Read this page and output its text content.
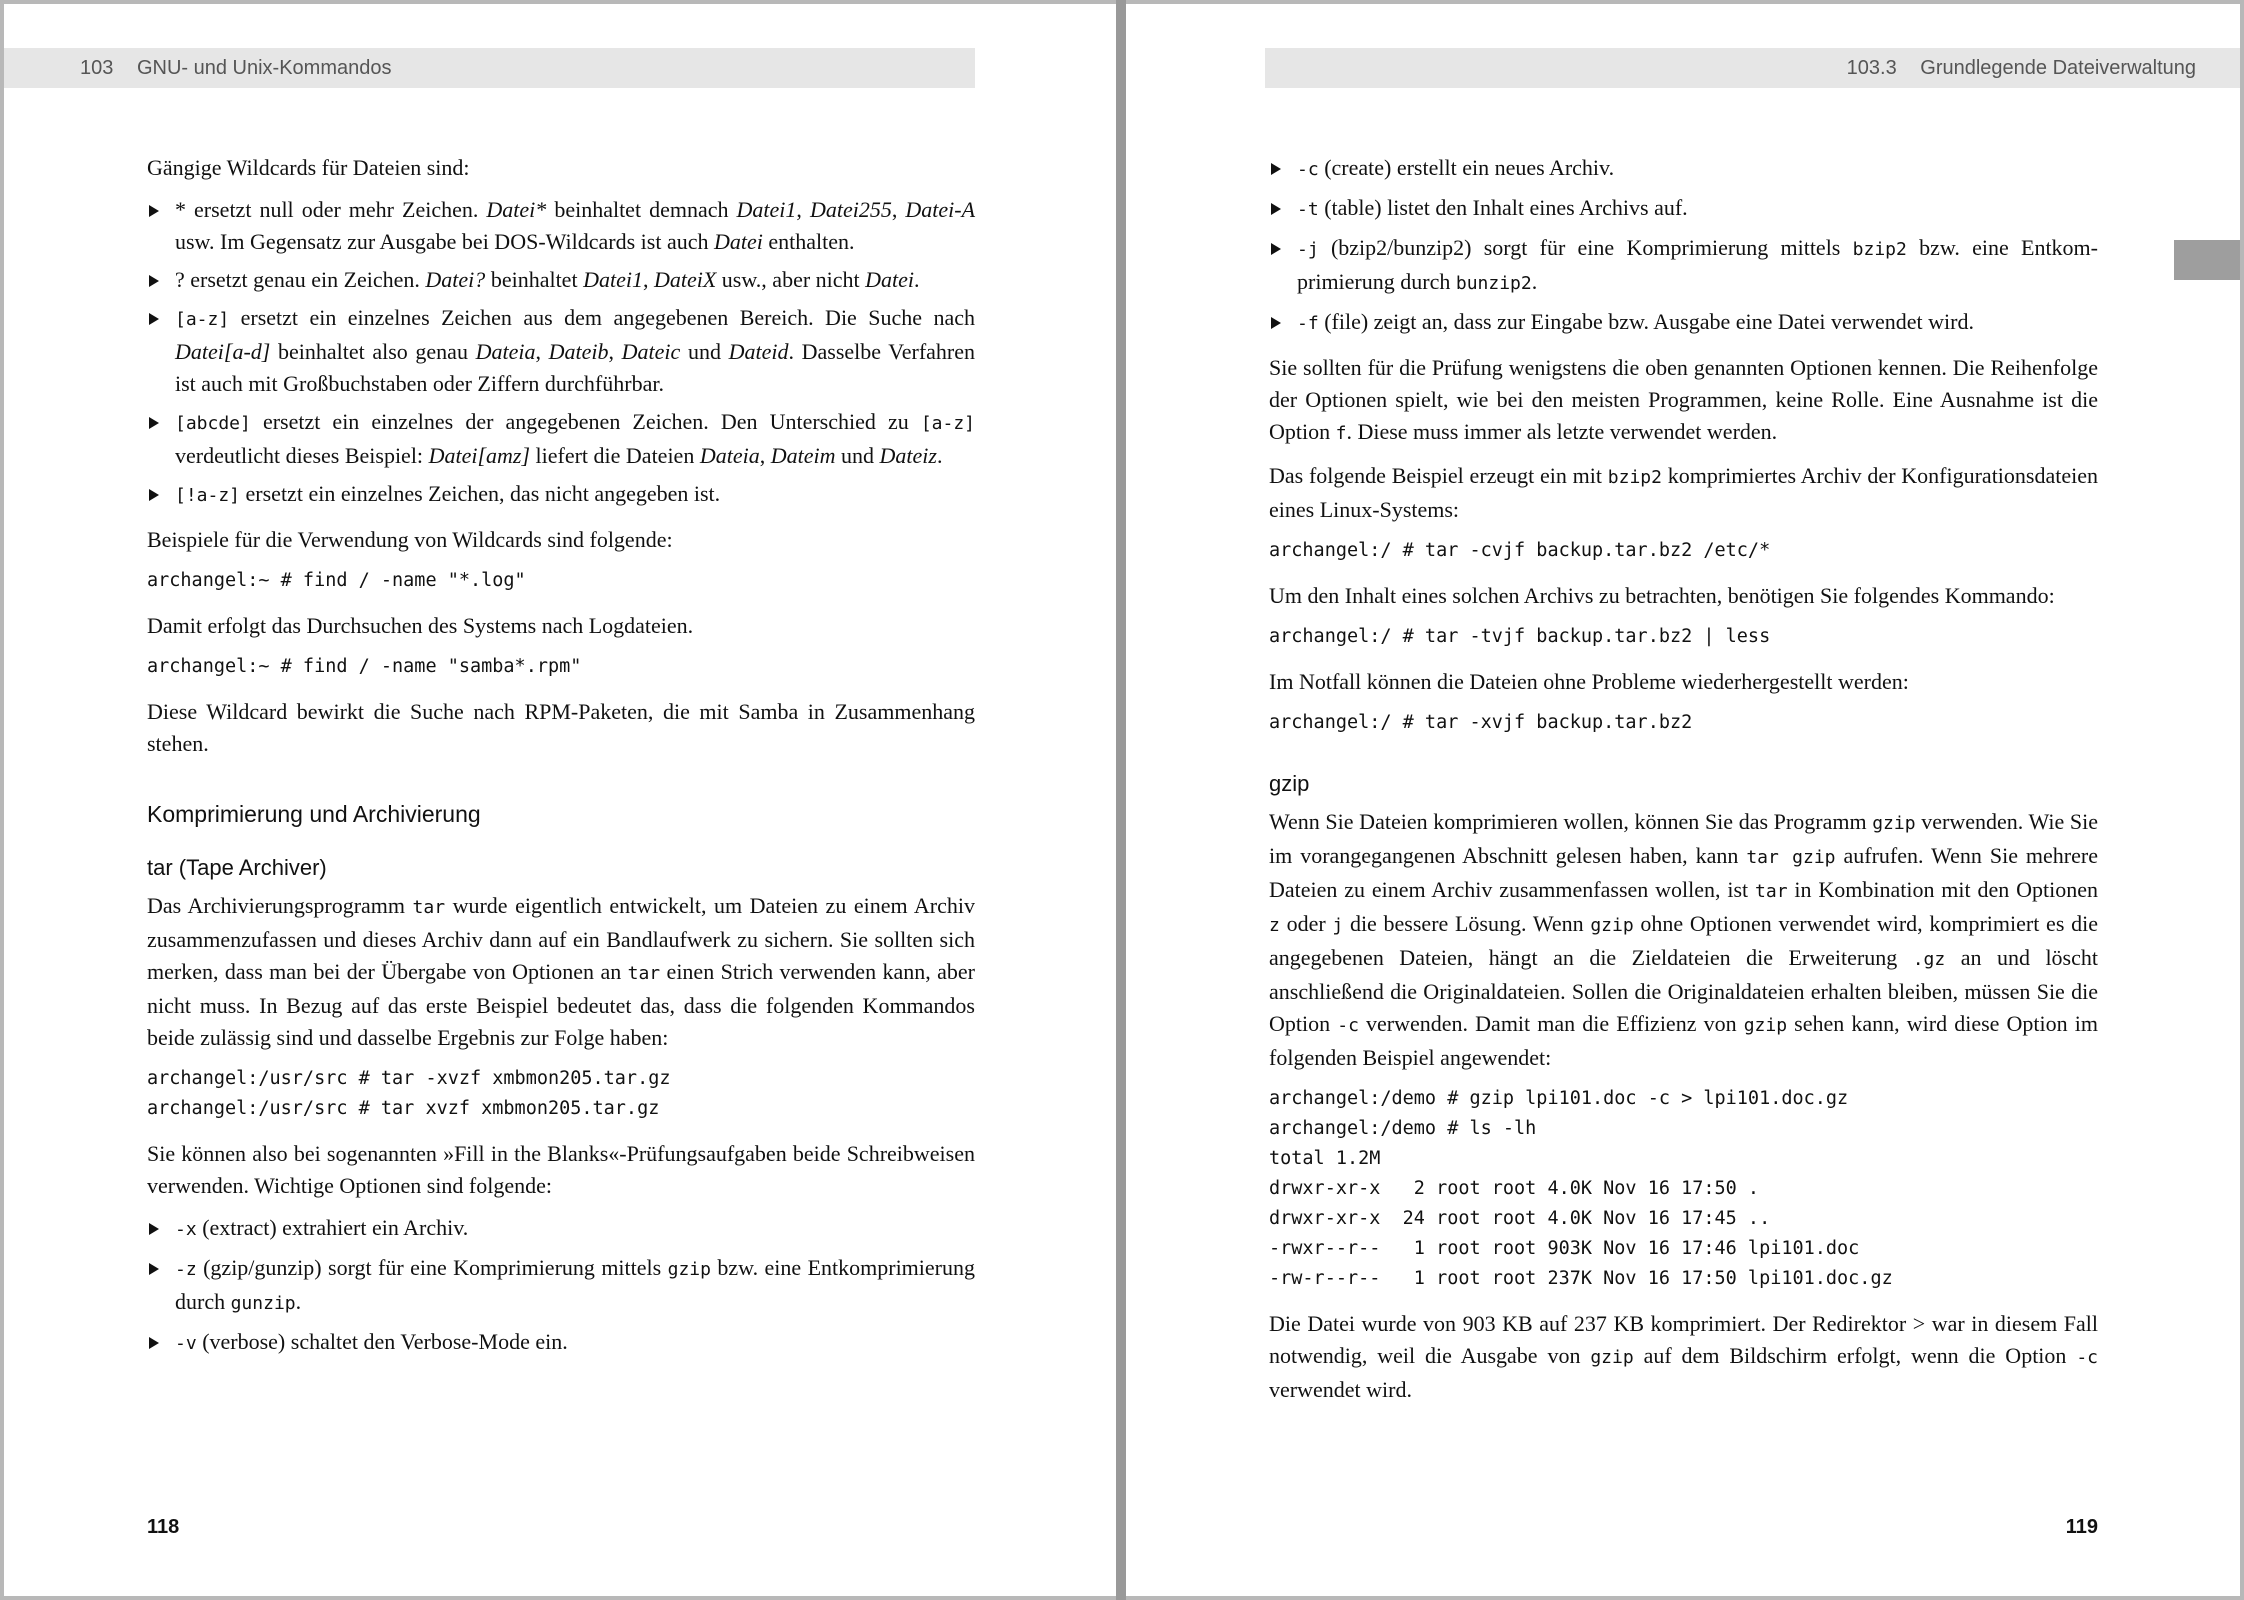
103 GNU- und Unix-Kommandos

Gängige Wildcards für Dateien sind:

* ersetzt null oder mehr Zeichen. Datei* beinhaltet demnach Datei1, Datei255, Datei-A usw. Im Gegensatz zur Ausgabe bei DOS-Wildcards ist auch Datei enthalten.
? ersetzt genau ein Zeichen. Datei? beinhaltet Datei1, DateiX usw., aber nicht Datei.
[a-z] ersetzt ein einzelnes Zeichen aus dem angegebenen Bereich. Die Suche nach Datei[a-d] beinhaltet also genau Dateia, Dateib, Dateic und Dateid. Dasselbe Verfahren ist auch mit Großbuchstaben oder Ziffern durchführbar.
[abcde] ersetzt ein einzelnes der angegebenen Zeichen. Den Unterschied zu [a-z] verdeutlicht dieses Beispiel: Datei[amz] liefert die Dateien Dateia, Dateim und Dateiz.
[!a-z] ersetzt ein einzelnes Zeichen, das nicht angegeben ist.

Beispiele für die Verwendung von Wildcards sind folgende:

archangel:~ # find / -name "*.log"

Damit erfolgt das Durchsuchen des Systems nach Logdateien.

archangel:~ # find / -name "samba*.rpm"

Diese Wildcard bewirkt die Suche nach RPM-Paketen, die mit Samba in Zusammenhang stehen.

Komprimierung und Archivierung
tar (Tape Archiver)

Das Archivierungsprogramm tar wurde eigentlich entwickelt, um Dateien zu einem Archiv zusammenzufassen und dieses Archiv dann auf ein Bandlaufwerk zu sichern. Sie sollten sich merken, dass man bei der Übergabe von Optionen an tar einen Strich verwenden kann, aber nicht muss. In Bezug auf das erste Beispiel bedeutet das, dass die folgenden Kommandos beide zulässig sind und dasselbe Ergebnis zur Folge haben:

archangel:/usr/src # tar -xvzf xmbmon205.tar.gz
archangel:/usr/src # tar xvzf xmbmon205.tar.gz

Sie können also bei sogenannten »Fill in the Blanks«-Prüfungsaufgaben beide Schreibweisen verwenden. Wichtige Optionen sind folgende:

-x (extract) extrahiert ein Archiv.
-z (gzip/gunzip) sorgt für eine Komprimierung mittels gzip bzw. eine Entkomprimierung durch gunzip.
-v (verbose) schaltet den Verbose-Mode ein.
118
103.3 Grundlegende Dateiverwaltung
-c (create) erstellt ein neues Archiv.
-t (table) listet den Inhalt eines Archivs auf.
-j (bzip2/bunzip2) sorgt für eine Komprimierung mittels bzip2 bzw. eine Entkomprimierung durch bunzip2.
-f (file) zeigt an, dass zur Eingabe bzw. Ausgabe eine Datei verwendet wird.

Sie sollten für die Prüfung wenigstens die oben genannten Optionen kennen. Die Reihenfolge der Optionen spielt, wie bei den meisten Programmen, keine Rolle. Eine Ausnahme ist die Option f. Diese muss immer als letzte verwendet werden.

Das folgende Beispiel erzeugt ein mit bzip2 komprimiertes Archiv der Konfigurationsdateien eines Linux-Systems:

archangel:/ # tar -cvjf backup.tar.bz2 /etc/*

Um den Inhalt eines solchen Archivs zu betrachten, benötigen Sie folgendes Kommando:

archangel:/ # tar -tvjf backup.tar.bz2 | less

Im Notfall können die Dateien ohne Probleme wiederhergestellt werden:

archangel:/ # tar -xvjf backup.tar.bz2
gzip

Wenn Sie Dateien komprimieren wollen, können Sie das Programm gzip verwenden. Wie Sie im vorangegangenen Abschnitt gelesen haben, kann tar gzip aufrufen. Wenn Sie mehrere Dateien zu einem Archiv zusammenfassen wollen, ist tar in Kombination mit den Optionen z oder j die bessere Lösung. Wenn gzip ohne Optionen verwendet wird, komprimiert es die angegebenen Dateien, hängt an die Zieldateien die Erweiterung .gz an und löscht anschließend die Originaldateien. Sollen die Originaldateien erhalten bleiben, müssen Sie die Option -c verwenden. Damit man die Effizienz von gzip sehen kann, wird diese Option im folgenden Beispiel angewendet:

archangel:/demo # gzip lpi101.doc -c > lpi101.doc.gz
archangel:/demo # ls -lh
total 1.2M
drwxr-xr-x   2 root root 4.0K Nov 16 17:50 .
drwxr-xr-x  24 root root 4.0K Nov 16 17:45 ..
-rwxr--r--   1 root root 903K Nov 16 17:46 lpi101.doc
-rw-r--r--   1 root root 237K Nov 16 17:50 lpi101.doc.gz

Die Datei wurde von 903 KB auf 237 KB komprimiert. Der Redirektor > war in diesem Fall notwendig, weil die Ausgabe von gzip auf dem Bildschirm erfolgt, wenn die Option -c verwendet wird.

119
